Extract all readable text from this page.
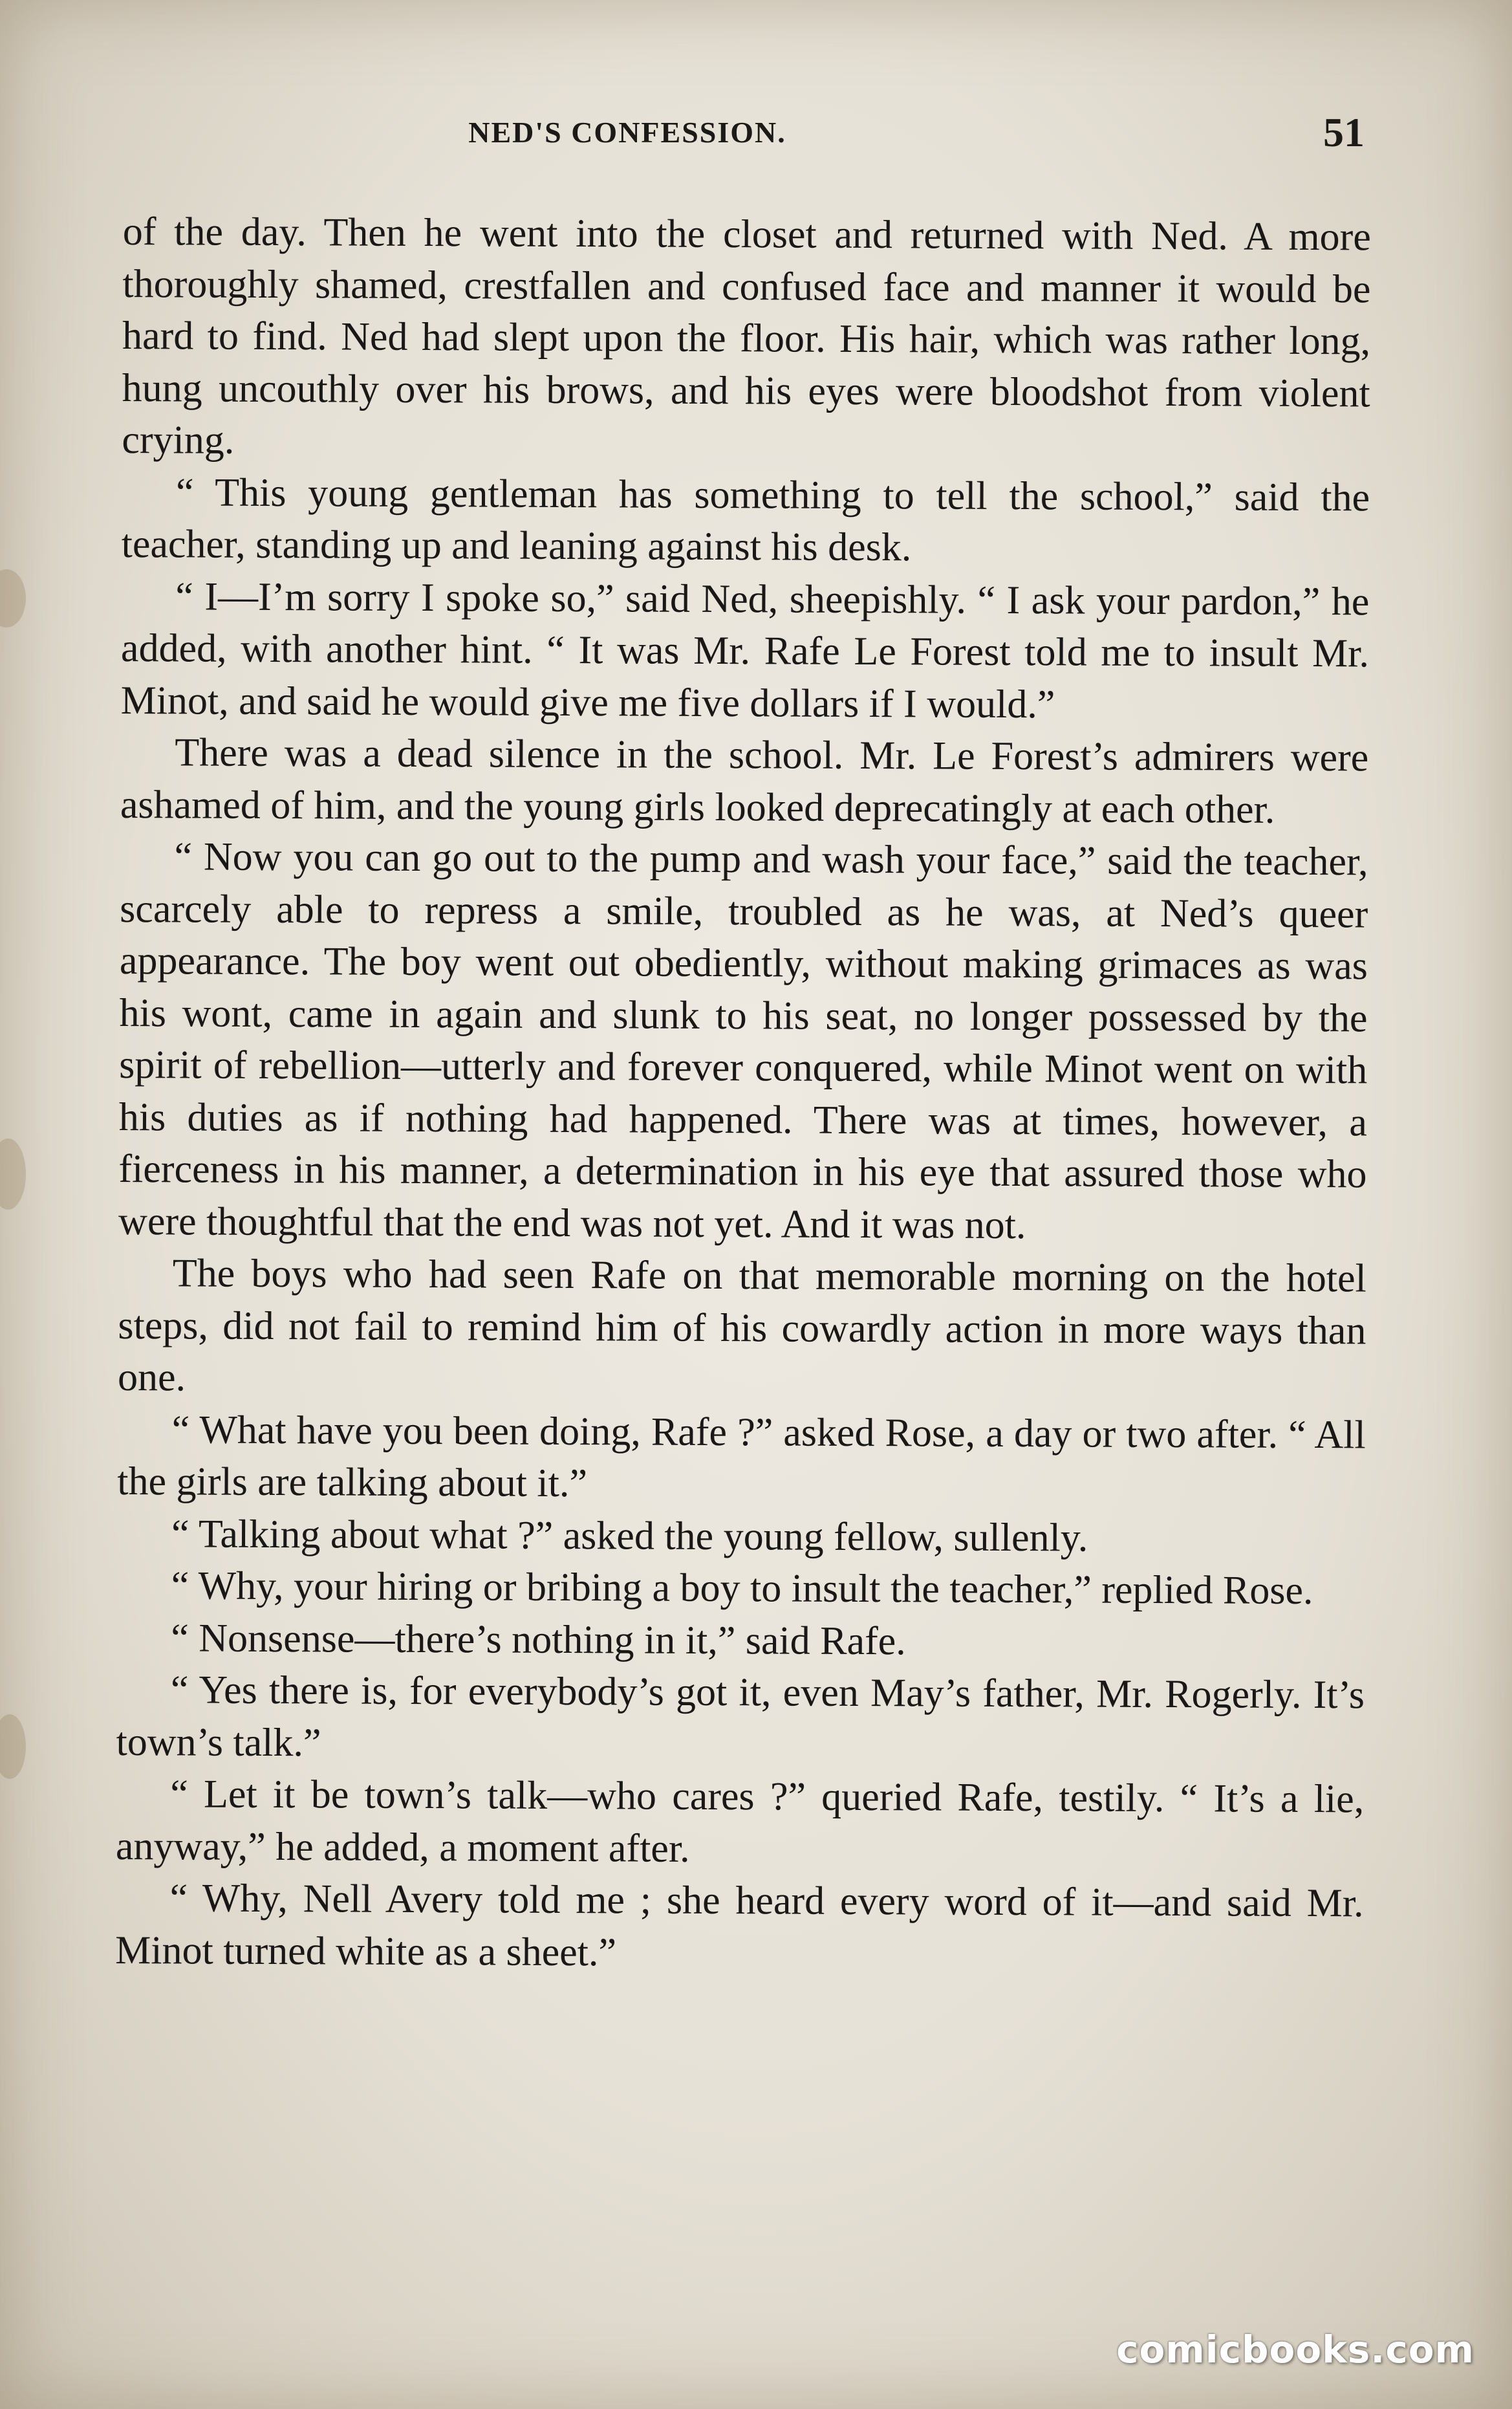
NED'S CONFESSION.	51

of the day. Then he went into the closet and returned with Ned. A more thoroughly shamed, crestfallen and confused face and manner it would be hard to find. Ned had slept upon the floor. His hair, which was rather long, hung uncouthly over his brows, and his eyes were bloodshot from violent crying.

“ This young gentleman has something to tell the school,” said the teacher, standing up and leaning against his desk.

“ I—I’m sorry I spoke so,” said Ned, sheepishly. “ I ask your pardon,” he added, with another hint. “ It was Mr. Rafe Le Forest told me to insult Mr. Minot, and said he would give me five dollars if I would.”

There was a dead silence in the school. Mr. Le Forest’s admirers were ashamed of him, and the young girls looked deprecatingly at each other.

“ Now you can go out to the pump and wash your face,” said the teacher, scarcely able to repress a smile, troubled as he was, at Ned’s queer appearance. The boy went out obediently, without making grimaces as was his wont, came in again and slunk to his seat, no longer possessed by the spirit of rebellion—utterly and forever conquered, while Minot went on with his duties as if nothing had happened. There was at times, however, a fierceness in his manner, a determination in his eye that assured those who were thoughtful that the end was not yet. And it was not.

The boys who had seen Rafe on that memorable morning on the hotel steps, did not fail to remind him of his cowardly action in more ways than one.

“ What have you been doing, Rafe ?” asked Rose, a day or two after. “ All the girls are talking about it.”

“ Talking about what ?” asked the young fellow, sullenly.

“ Why, your hiring or bribing a boy to insult the teacher,” replied Rose.

“ Nonsense—there’s nothing in it,” said Rafe.

“ Yes there is, for everybody’s got it, even May’s father, Mr. Rogerly. It’s town’s talk.”

“ Let it be town’s talk—who cares ?” queried Rafe, testily. “ It’s a lie, anyway,” he added, a moment after.

“ Why, Nell Avery told me ; she heard every word of it—and said Mr. Minot turned white as a sheet.”

comicbooks.com
